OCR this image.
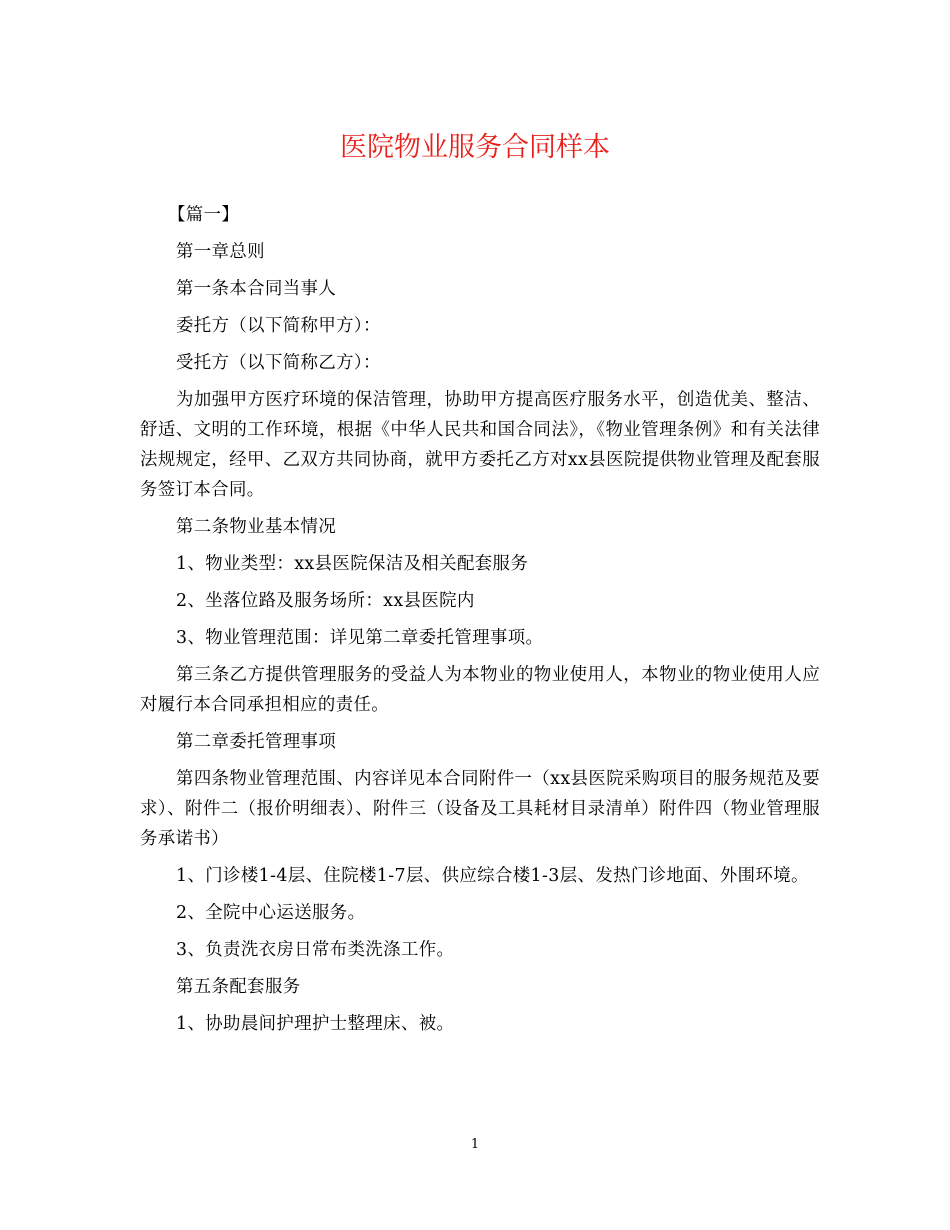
医院物业服务合同样本

【篇一】

第一章总则

第一条本合同当事人

委托方（以下简称甲方）：

受托方（以下简称乙方）：

为加强甲方医疗环境的保洁管理，协助甲方提高医疗服务水平，创造优美、整洁、舒适、文明的工作环境，根据《中华人民共和国合同法》，《物业管理条例》和有关法律法规规定，经甲、乙双方共同协商，就甲方委托乙方对xx县医院提供物业管理及配套服务签订本合同。

第二条物业基本情况

1、物业类型：xx县医院保洁及相关配套服务

2、坐落位路及服务场所：xx县医院内

3、物业管理范围：详见第二章委托管理事项。

第三条乙方提供管理服务的受益人为本物业的物业使用人，本物业的物业使用人应对履行本合同承担相应的责任。

第二章委托管理事项

第四条物业管理范围、内容详见本合同附件一（xx县医院采购项目的服务规范及要求）、附件二（报价明细表）、附件三（设备及工具耗材目录清单）附件四（物业管理服务承诺书）

1、门诊楼1-4层、住院楼1-7层、供应综合楼1-3层、发热门诊地面、外围环境。

2、全院中心运送服务。

3、负责洗衣房日常布类洗涤工作。

第五条配套服务

1、协助晨间护理护士整理床、被。

1
